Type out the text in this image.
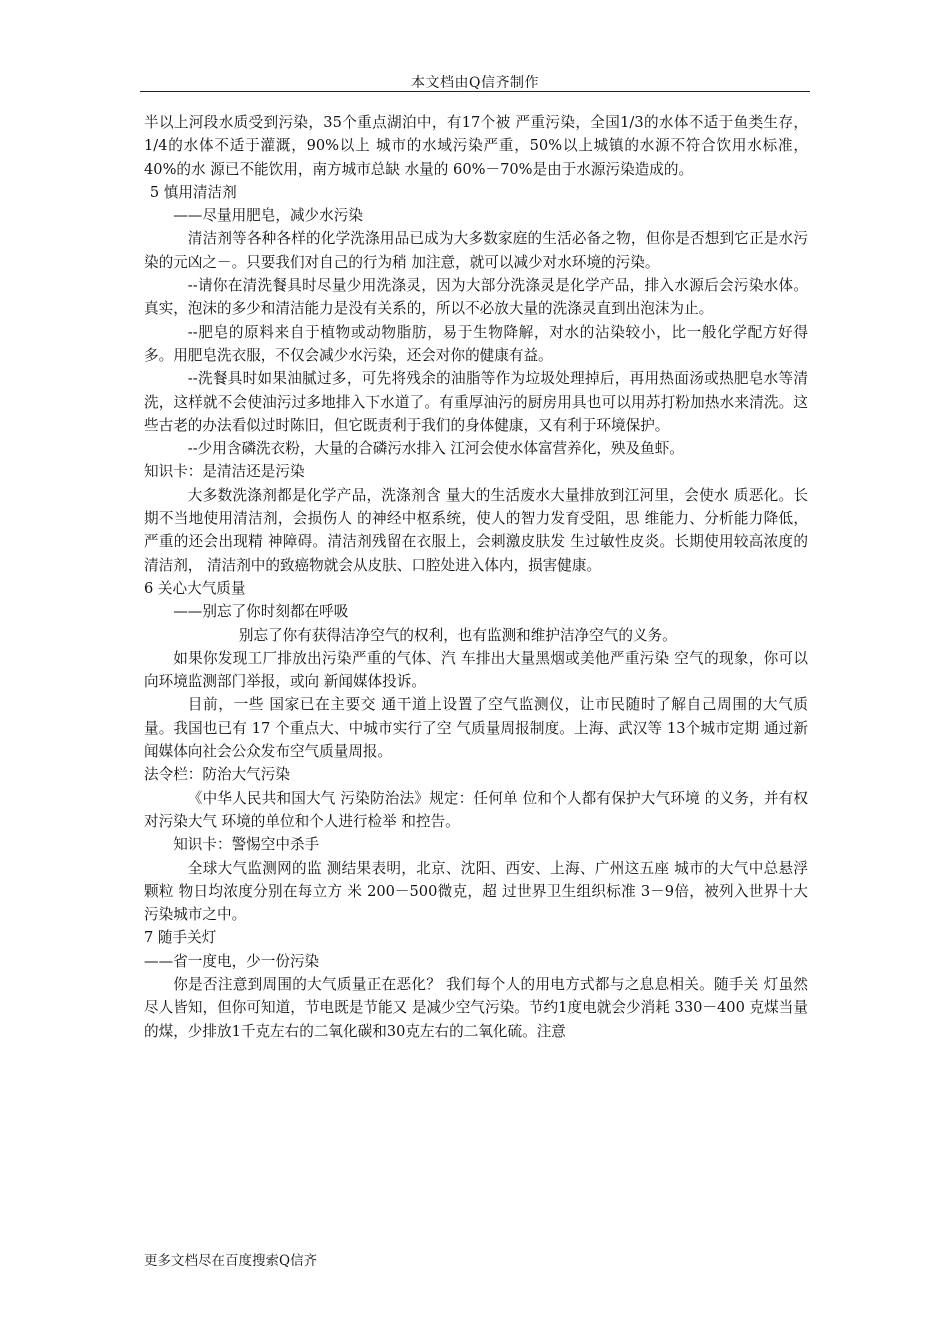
本文档由Q信齐制作

半以上河段水质受到污染，35个重点湖泊中，有17个被 严重污染，全国1/3的水体不适于鱼类生存，1/4的水体不适于灌溉，90%以上 城市的水域污染严重，50%以上城镇的水源不符合饮用水标准，40%的水 源已不能饮用，南方城市总缺 水量的 60%－70%是由于水源污染造成的。

5 慎用清洁剂

——尽量用肥皂，减少水污染

清洁剂等各种各样的化学洗涤用品已成为大多数家庭的生活必备之物，但你是否想到它正是水污染的元凶之－。只要我们对自己的行为稍 加注意，就可以减少对水环境的污染。

--请你在清洗餐具时尽量少用洗涤灵，因为大部分洗涤灵是化学产品，排入水源后会污染水体。真实，泡沫的多少和清洁能力是没有关系的，所以不必放大量的洗涤灵直到出泡沫为止。

--肥皂的原料来自于植物或动物脂肪，易于生物降解，对水的沾染较小，比一般化学配方好得多。用肥皂洗衣服，不仅会减少水污染，还会对你的健康有益。

--洗餐具时如果油腻过多，可先将残余的油脂等作为垃圾处理掉后，再用热面汤或热肥皂水等清洗，这样就不会使油污过多地排入下水道了。有重厚油污的厨房用具也可以用苏打粉加热水来清洗。这些古老的办法看似过时陈旧，但它既责利于我们的身体健康，又有利于环境保护。

--少用含磷洗衣粉，大量的合磷污水排入 江河会使水体富营养化，殃及鱼虾。

知识卡：是清洁还是污染

大多数洗涤剂都是化学产品，洗涤剂含 量大的生活废水大量排放到江河里，会使水 质恶化。长期不当地使用清洁剂，会损伤人 的神经中枢系统，使人的智力发育受阻，思 维能力、分析能力降低，严重的还会出现精 神障碍。清洁剂残留在衣服上，会刺激皮肤发 生过敏性皮炎。长期使用较高浓度的清洁剂， 清洁剂中的致癌物就会从皮肤、口腔处进入体内，损害健康。

6 关心大气质量

——别忘了你时刻都在呼吸

别忘了你有获得洁净空气的权利，也有监测和维护洁净空气的义务。

如果你发现工厂排放出污染严重的气体、汽 车排出大量黑烟或美他严重污染 空气的现象，你可以向环境监测部门举报，或向 新闻媒体投诉。

目前，一些 国家已在主要交 通干道上设置了空气监测仪，让市民随时了解自己周围的大气质量。我国也已有 17 个重点大、中城市实行了空 气质量周报制度。上海、武汉等 13个城市定期 通过新闻媒体向社会公众发布空气质量周报。

法令栏：防治大气污染

《中华人民共和国大气 污染防治法》规定：任何单 位和个人都有保护大气环境 的义务，并有权对污染大气 环境的单位和个人进行检举 和控告。

知识卡：警惕空中杀手

全球大气监测网的监 测结果表明，北京、沈阳、西安、上海、广州这五座 城市的大气中总悬浮颗粒 物日均浓度分别在每立方 米 200－500微克，超 过世界卫生组织标准 3－9倍，被列入世界十大 污染城市之中。

7 随手关灯

——省一度电，少一份污染

你是否注意到周围的大气质量正在恶化？ 我们每个人的用电方式都与之息息相关。随手关 灯虽然尽人皆知，但你可知道，节电既是节能又 是减少空气污染。节约1度电就会少消耗 330－400 克煤当量的煤，少排放1千克左右的二氧化碳和30克左右的二氧化硫。注意

更多文档尽在百度搜索Q信齐
